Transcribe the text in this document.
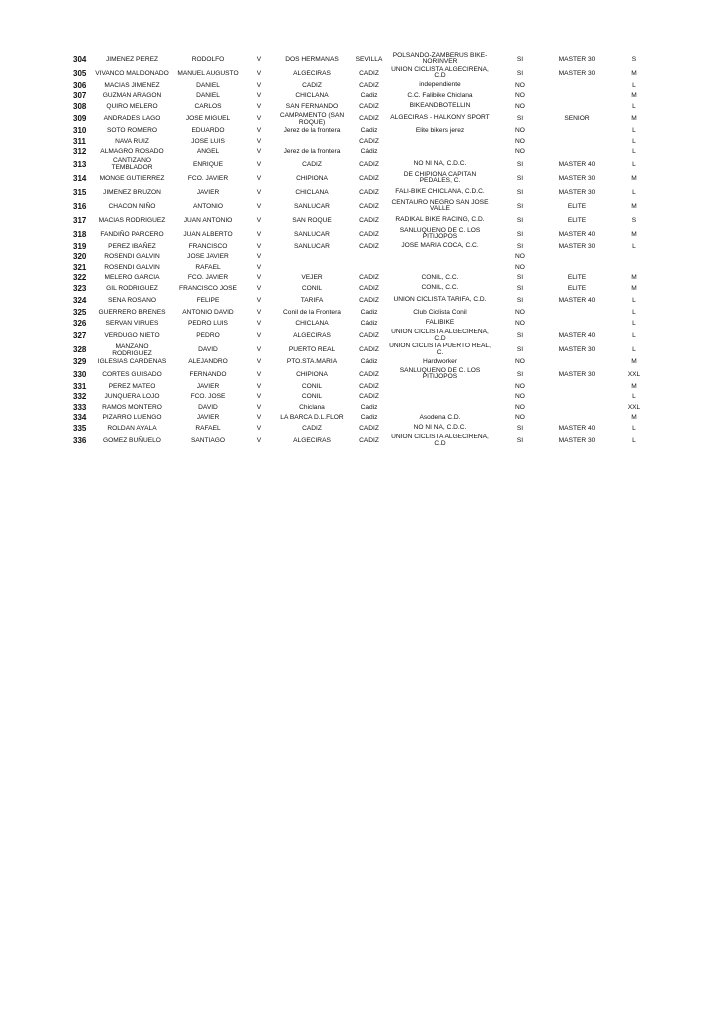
304	JIMENEZ PEREZ	RODOLFO	V	DOS HERMANAS	SEVILLA	POLSANDO-ZAMBERUS BIKE-NORINVER	SI	MASTER 30	S
305	VIVANCO MALDONADO	MANUEL AUGUSTO	V	ALGECIRAS	CADIZ	UNION CICLISTA ALGECIREÑA, C.D	SI	MASTER 30	M
306	MACIAS JIMENEZ	DANIEL	V	CADIZ	CADIZ	independiente	NO		L
307	GUZMAN ARAGON	DANIEL	V	CHICLANA	Cadiz	C.C. Falibike Chiclana	NO		M
308	QUIRO MELERO	CARLOS	V	SAN FERNANDO	CADIZ	BIKEANDBOTELLIN	NO		L
309	ANDRADES LAGO	JOSE MIGUEL	V	CAMPAMENTO (SAN ROQUE)	CADIZ	ALGECIRAS - HALKONY SPORT	SI	SENIOR	M
310	SOTO ROMERO	EDUARDO	V	Jerez de la frontera	Cadiz	Elite bikers jerez	NO		L
311	NAVA RUIZ	JOSE LUIS	V		CADIZ		NO		L
312	ALMAGRO ROSADO	ANGEL	V	Jerez de la frontera	Cádiz		NO		L
313	CANTIZANO TEMBLADOR	ENRIQUE	V	CADIZ	CADIZ	NO NI NA, C.D.C.	SI	MASTER 40	L
314	MONGE GUTIERREZ	FCO. JAVIER	V	CHIPIONA	CADIZ	DE CHIPIONA CAPITAN PEDALES, C.	SI	MASTER 30	M
315	JIMENEZ BRUZON	JAVIER	V	CHICLANA	CADIZ	FALI-BIKE CHICLANA, C.D.C.	SI	MASTER 30	L
316	CHACON NIÑO	ANTONIO	V	SANLUCAR	CADIZ	CENTAURO NEGRO SAN JOSE VALLE	SI	ELITE	M
317	MACIAS RODRIGUEZ	JUAN ANTONIO	V	SAN ROQUE	CADIZ	RADIKAL BIKE RACING, C.D.	SI	ELITE	S
318	FANDIÑO PARCERO	JUAN ALBERTO	V	SANLUCAR	CADIZ	SANLUQUEÑO DE C. LOS PITIJOPOS	SI	MASTER 40	M
319	PEREZ IBAÑEZ	FRANCISCO	V	SANLUCAR	CADIZ	JOSE MARIA COCA, C.C.	SI	MASTER 30	L
320	ROSENDI GALVIN	JOSE JAVIER	V				NO		
321	ROSENDI GALVIN	RAFAEL	V				NO		
322	MELERO GARCIA	FCO. JAVIER	V	VEJER	CADIZ	CONIL, C.C.	SI	ELITE	M
323	GIL RODRIGUEZ	FRANCISCO JOSE	V	CONIL	CADIZ	CONIL, C.C.	SI	ELITE	M
324	SENA ROSANO	FELIPE	V	TARIFA	CADIZ	UNION CICLISTA TARIFA, C.D.	SI	MASTER 40	L
325	GUERRERO BRENES	ANTONIO DAVID	V	Conil de la Frontera	Cadiz	Club Ciclista Conil	NO		L
326	SERVAN VIRUES	PEDRO LUIS	V	CHICLANA	Cádiz	FALIBIKE	NO		L
327	VERDUGO NIETO	PEDRO	V	ALGECIRAS	CADIZ	UNION CICLISTA ALGECIREÑA, C.D	SI	MASTER 40	L
328	MANZANO RODRIGUEZ	DAVID	V	PUERTO REAL	CADIZ	UNION CICLISTA PUERTO REAL, C.	SI	MASTER 30	L
329	IGLESIAS CARDENAS	ALEJANDRO	V	PTO.STA.MARIA	Cádiz	Hardworker	NO		M
330	CORTES GUISADO	FERNANDO	V	CHIPIONA	CADIZ	SANLUQUEÑO DE C. LOS PITIJOPOS	SI	MASTER 30	XXL
331	PEREZ MATEO	JAVIER	V	CONIL	CADIZ		NO		M
332	JUNQUERA LOJO	FCO. JOSE	V	CONIL	CADIZ		NO		L
333	RAMOS MONTERO	DAVID	V	Chiclana	Cadiz		NO		XXL
334	PIZARRO LUENGO	JAVIER	V	LA BARCA D.L.FLOR	Cadiz	Asodena C.D.	NO		M
335	ROLDAN AYALA	RAFAEL	V	CADIZ	CADIZ	NO NI NA, C.D.C.	SI	MASTER 40	L
336	GOMEZ BUÑUELO	SANTIAGO	V	ALGECIRAS	CADIZ	UNION CICLISTA ALGECIREÑA, C.D	SI	MASTER 30	L
